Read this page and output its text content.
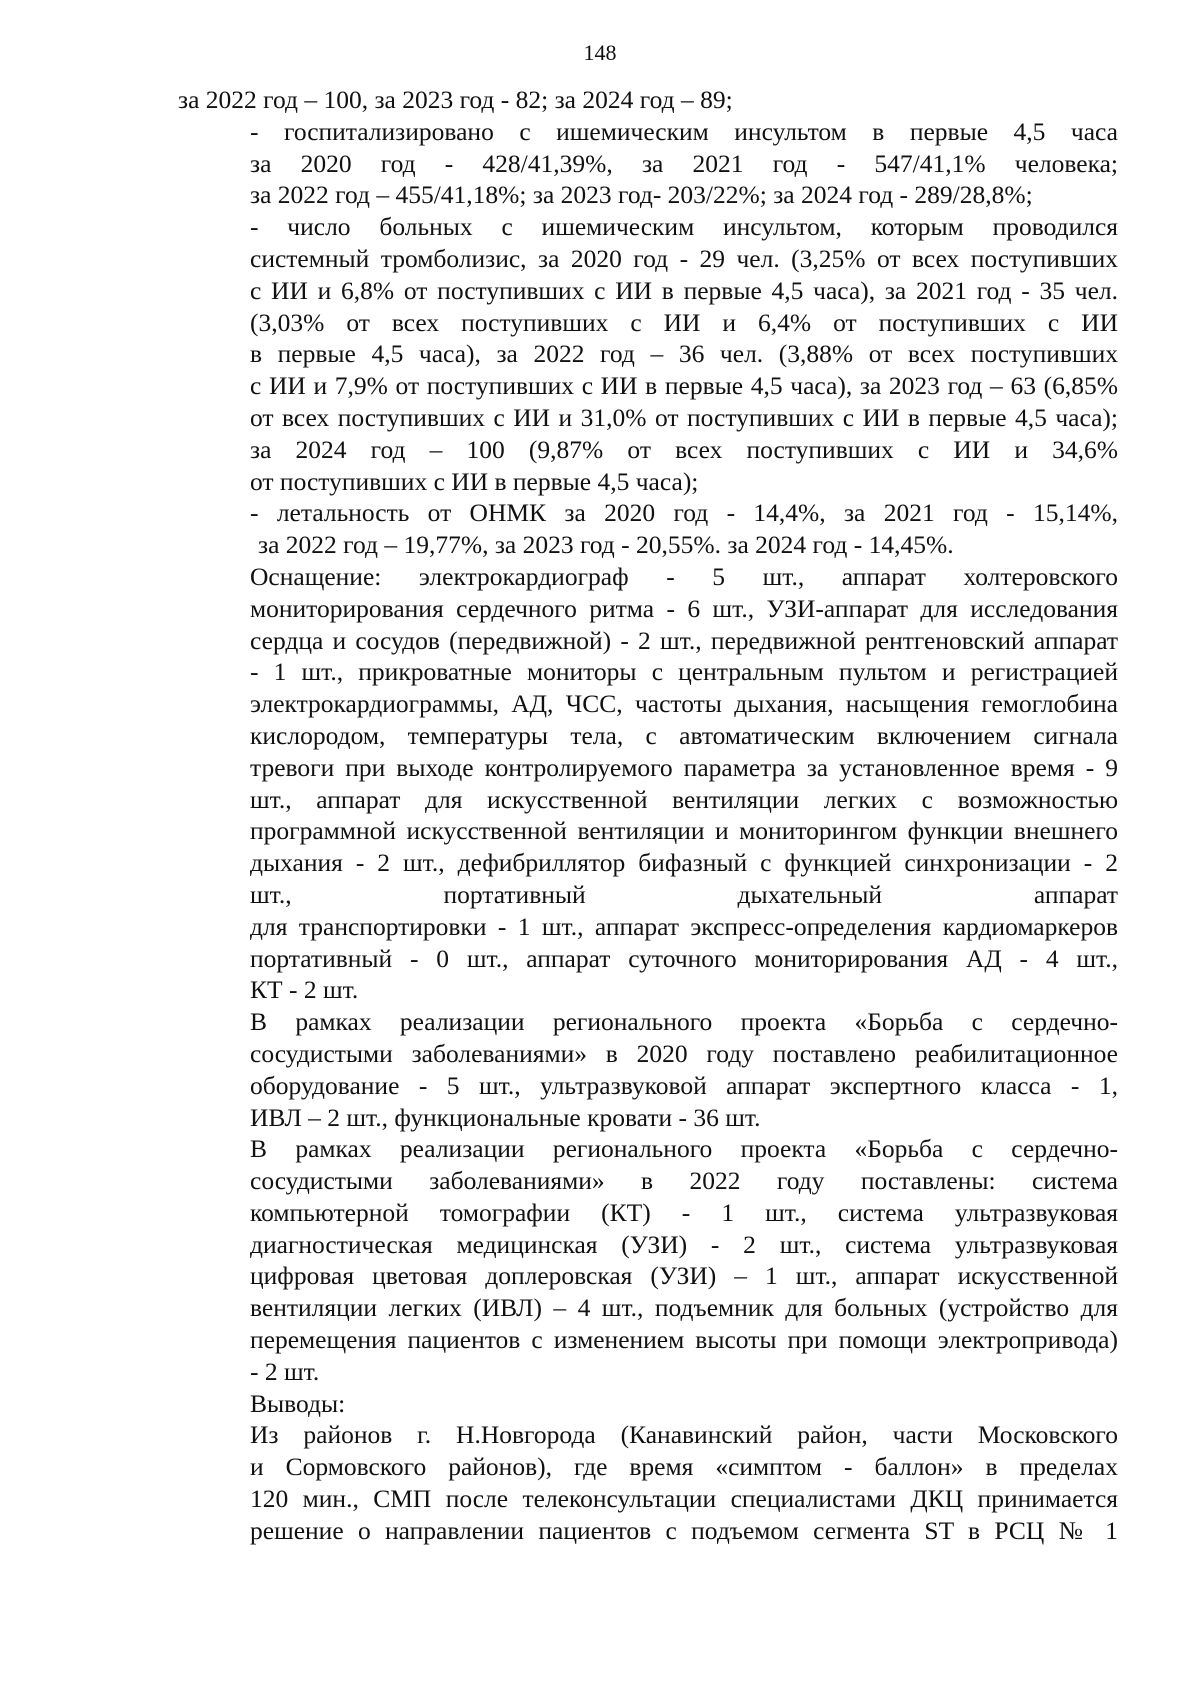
148

за 2022 год – 100, за 2023 год - 82; за 2024 год – 89;

- госпитализировано с ишемическим инсультом в первые 4,5 часа
за 2020 год - 428/41,39%, за 2021 год - 547/41,1% человека;
за 2022 год – 455/41,18%; за 2023 год- 203/22%; за 2024 год - 289/28,8%;

- число больных с ишемическим инсультом, которым проводился
системный тромболизис, за 2020 год - 29 чел. (3,25% от всех поступивших
с ИИ и 6,8% от поступивших с ИИ в первые 4,5 часа), за 2021 год - 35 чел.
(3,03% от всех поступивших с ИИ и 6,4% от поступивших с ИИ
в первые 4,5 часа), за 2022 год – 36 чел. (3,88% от всех поступивших
с ИИ и 7,9% от поступивших с ИИ в первые 4,5 часа), за 2023 год – 63 (6,85%
от всех поступивших с ИИ и 31,0% от поступивших с ИИ в первые 4,5 часа);
за 2024 год – 100 (9,87% от всех поступивших с ИИ и 34,6%
от поступивших с ИИ в первые 4,5 часа);

- летальность от ОНМК за 2020 год - 14,4%, за 2021 год - 15,14%,
за 2022 год – 19,77%, за 2023 год - 20,55%. за 2024 год - 14,45%.

Оснащение: электрокардиограф - 5 шт., аппарат холтеровского
мониторирования сердечного ритма - 6 шт., УЗИ-аппарат для исследования
сердца и сосудов (передвижной) - 2 шт., передвижной рентгеновский аппарат
- 1 шт., прикроватные мониторы с центральным пультом и регистрацией
электрокардиограммы, АД, ЧСС, частоты дыхания, насыщения гемоглобина
кислородом, температуры тела, с автоматическим включением сигнала
тревоги при выходе контролируемого параметра за установленное время - 9
шт., аппарат для искусственной вентиляции легких с возможностью
программной искусственной вентиляции и мониторингом функции внешнего
дыхания - 2 шт., дефибриллятор бифазный с функцией синхронизации - 2
шт., портативный дыхательный аппарат
для транспортировки - 1 шт., аппарат экспресс-определения кардиомаркеров
портативный - 0 шт., аппарат суточного мониторирования АД - 4 шт.,
КТ - 2 шт.

В рамках реализации регионального проекта «Борьба с сердечно-
сосудистыми заболеваниями» в 2020 году поставлено реабилитационное
оборудование - 5 шт., ультразвуковой аппарат экспертного класса - 1,
ИВЛ – 2 шт., функциональные кровати - 36 шт.

В рамках реализации регионального проекта «Борьба с сердечно-
сосудистыми заболеваниями» в 2022 году поставлены: система
компьютерной томографии (КТ) - 1 шт., система ультразвуковая
диагностическая медицинская (УЗИ) - 2 шт., система ультразвуковая
цифровая цветовая доплеровская (УЗИ) – 1 шт., аппарат искусственной
вентиляции легких (ИВЛ) – 4 шт., подъемник для больных (устройство для
перемещения пациентов с изменением высоты при помощи электропривода)
- 2 шт.

Выводы:

Из районов г. Н.Новгорода (Канавинский район, части Московского
и Сормовского районов), где время «симптом - баллон» в пределах
120 мин., СМП после телеконсультации специалистами ДКЦ принимается
решение о направлении пациентов с подъемом сегмента ST в РСЦ № 1
